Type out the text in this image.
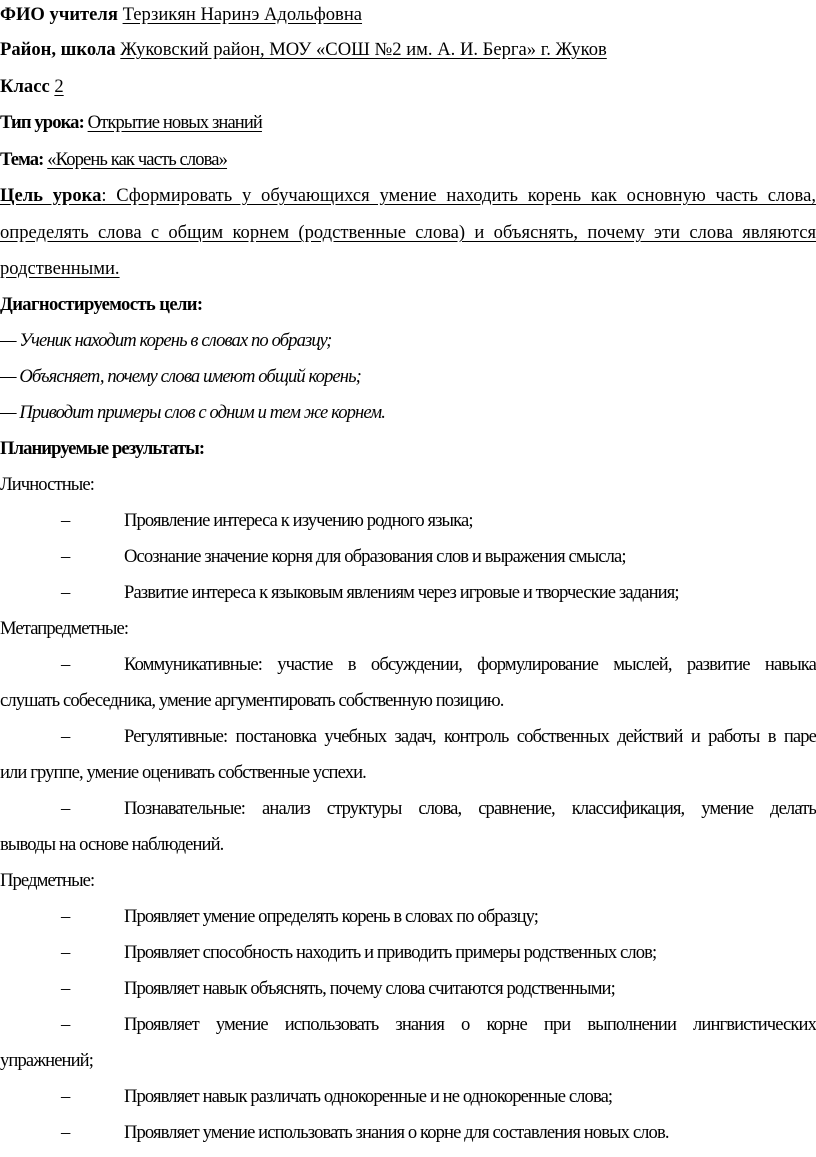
ФИО учителя Терзикян Наринэ Адольфовна
Район, школа Жуковский район, МОУ «СОШ №2 им. А. И. Берга» г. Жуков
Класс 2
Тип урока: Открытие новых знаний
Тема: «Корень как часть слова»
Цель урока: Сформировать у обучающихся умение находить корень как основную часть слова,
определять слова с общим корнем (родственные слова) и объяснять, почему эти слова являются
родственными.
Диагностируемость цели:
— Ученик находит корень в словах по образцу;
— Объясняет, почему слова имеют общий корень;
— Приводит примеры слов с одним и тем же корнем.
Планируемые результаты:
Личностные:
–	Проявление интереса к изучению родного языка;
–	Осознание значение корня для образования слов и выражения смысла;
–	Развитие интереса к языковым явлениям через игровые и творческие задания;
Метапредметные:
–	Коммуникативные: участие в обсуждении, формулирование мыслей, развитие навыка
слушать собеседника, умение аргументировать собственную позицию.
–	Регулятивные: постановка учебных задач, контроль собственных действий и работы в паре
или группе, умение оценивать собственные успехи.
–	Познавательные: анализ структуры слова, сравнение, классификация, умение делать
выводы на основе наблюдений.
Предметные:
–	Проявляет умение определять корень в словах по образцу;
–	Проявляет способность находить и приводить примеры родственных слов;
–	Проявляет навык объяснять, почему слова считаются родственными;
–	Проявляет умение использовать знания о корне при выполнении лингвистических
упражнений;
–	Проявляет навык различать однокоренные и не однокоренные слова;
–	Проявляет умение использовать знания о корне для составления новых слов.
